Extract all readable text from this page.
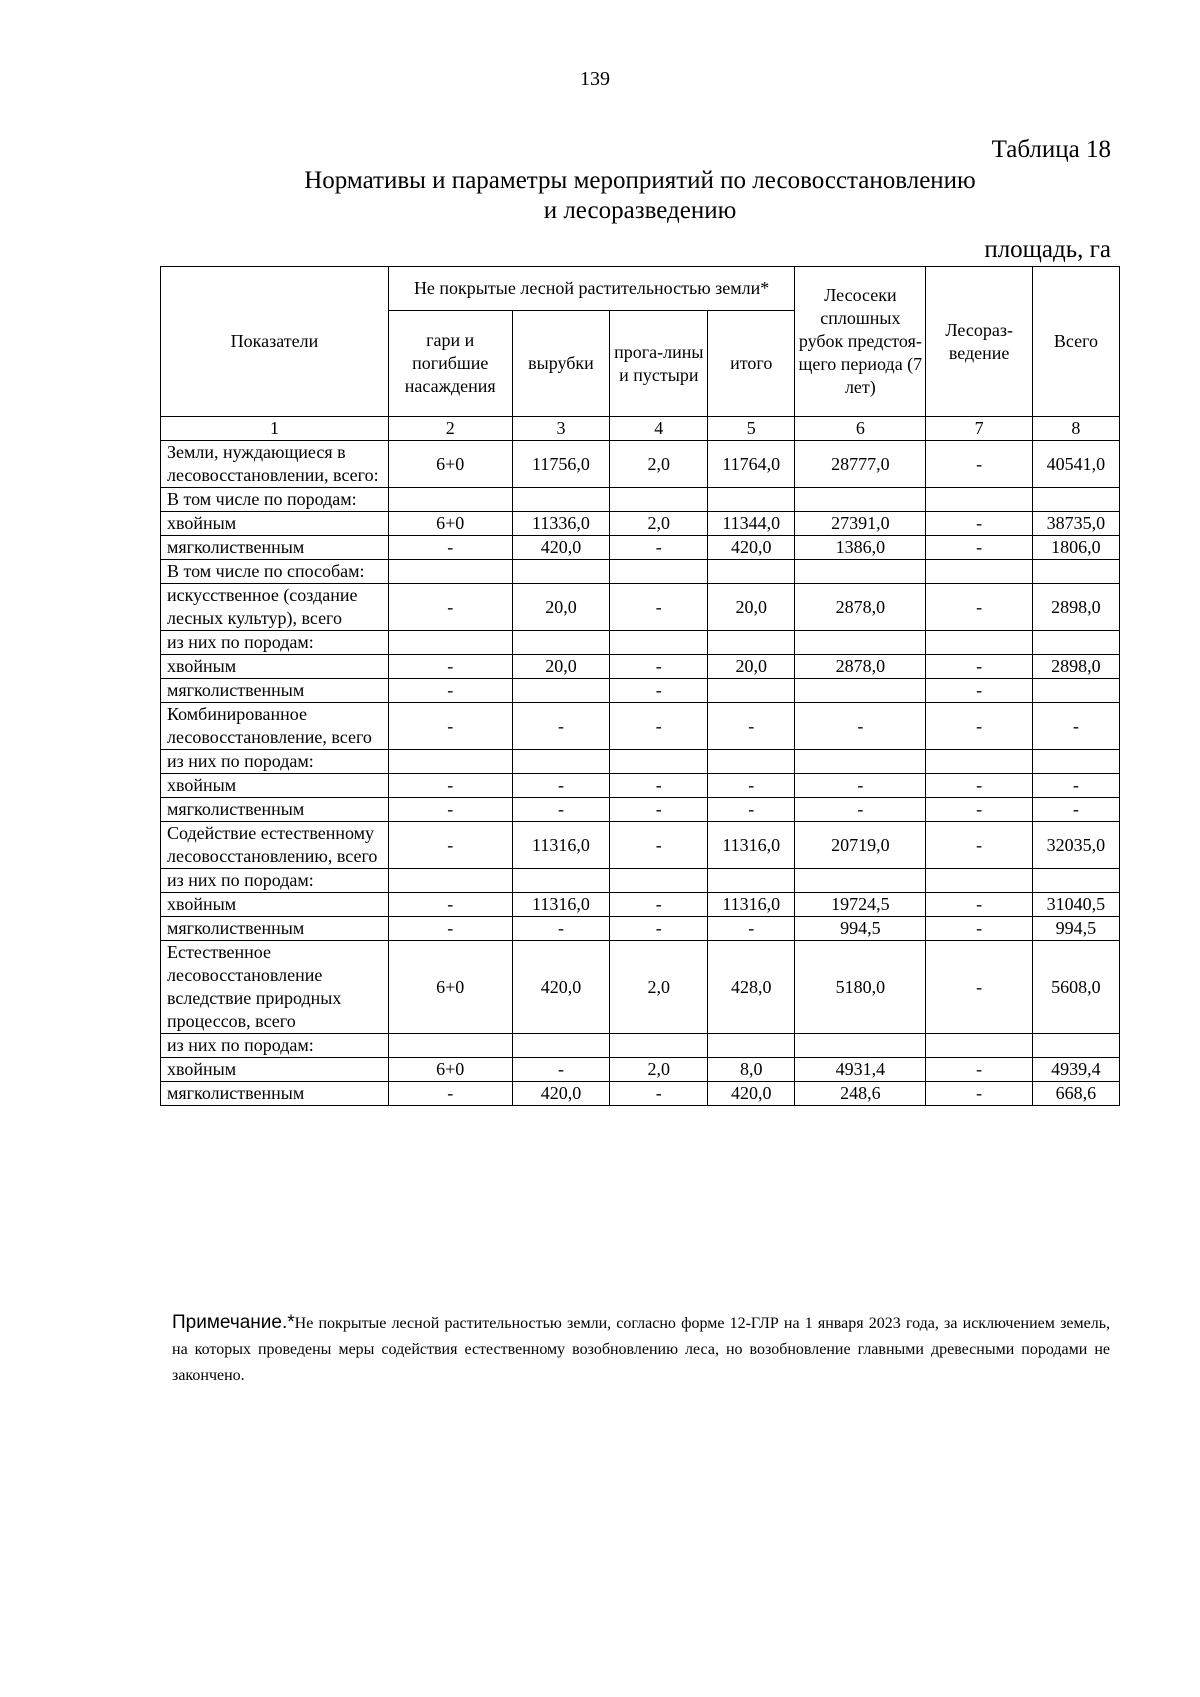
139
Таблица 18
Нормативы и параметры мероприятий по лесовосстановлению
и лесоразведению
площадь, га
Показатели	Не покрытые лесной растительностью земли*				Лесосеки сплошных рубок предстоя-щего периода (7 лет)	Лесораз-ведение	Всего
	гари и погибшие насаждения	вырубки	прога-лины и пустыри	итого			
1	2	3	4	5	6	7	8
Земли, нуждающиеся в лесовосстановлении, всего:	6+0	11756,0	2,0	11764,0	28777,0	-	40541,0
В том числе по породам:							
хвойным	6+0	11336,0	2,0	11344,0	27391,0	-	38735,0
мягколиственным	-	420,0	-	420,0	1386,0	-	1806,0
В том числе по способам:							
искусственное (создание лесных культур), всего	-	20,0	-	20,0	2878,0	-	2898,0
из них по породам:							
хвойным	-	20,0	-	20,0	2878,0	-	2898,0
мягколиственным	-		-			-	
Комбинированное лесовосстановление, всего	-	-	-	-	-	-	-
из них по породам:							
хвойным	-	-	-	-	-	-	-
мягколиственным	-	-	-	-	-	-	-
Содействие естественному лесовосстановлению, всего	-	11316,0	-	11316,0	20719,0	-	32035,0
из них по породам:							
хвойным	-	11316,0	-	11316,0	19724,5	-	31040,5
мягколиственным	-	-	-	-	994,5	-	994,5
Естественное лесовосстановление вследствие природных процессов, всего	6+0	420,0	2,0	428,0	5180,0	-	5608,0
из них по породам:							
хвойным	6+0	-	2,0	8,0	4931,4	-	4939,4
мягколиственным	-	420,0	-	420,0	248,6	-	668,6
Примечание.*Не покрытые лесной растительностью земли, согласно форме 12-ГЛР на 1 января 2023 года, за исключением земель, на которых проведены меры содействия естественному возобновлению леса, но возобновление главными древесными породами не закончено.
